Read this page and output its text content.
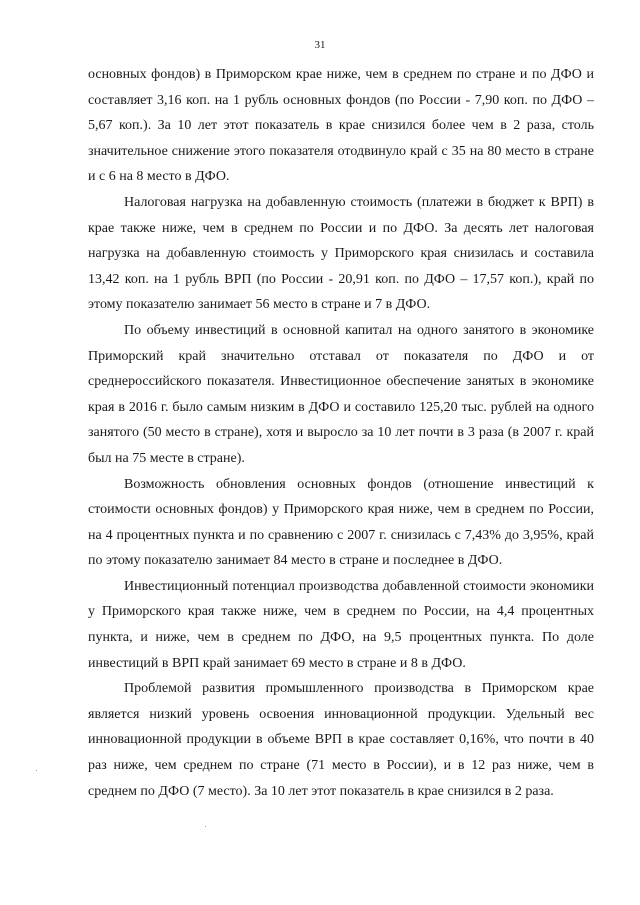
31

основных фондов) в Приморском крае ниже, чем в среднем по стране и по ДФО и составляет 3,16 коп. на 1 рубль основных фондов (по России - 7,90 коп. по ДФО – 5,67 коп.). За 10 лет этот показатель в крае снизился более чем в 2 раза, столь значительное снижение этого показателя отодвинуло край с 35 на 80 место в стране и с 6 на 8 место в ДФО.

Налоговая нагрузка на добавленную стоимость (платежи в бюджет к ВРП) в крае также ниже, чем в среднем по России и по ДФО. За десять лет налоговая нагрузка на добавленную стоимость у Приморского края снизилась и составила 13,42 коп. на 1 рубль ВРП (по России - 20,91 коп. по ДФО – 17,57 коп.), край по этому показателю занимает 56 место в стране и 7 в ДФО.

По объему инвестиций в основной капитал на одного занятого в экономике Приморский край значительно отставал от показателя по ДФО и от среднероссийского показателя. Инвестиционное обеспечение занятых в экономике края в 2016 г. было самым низким в ДФО и составило 125,20 тыс. рублей на одного занятого (50 место в стране), хотя и выросло за 10 лет почти в 3 раза (в 2007 г. край был на 75 месте в стране).

Возможность обновления основных фондов (отношение инвестиций к стоимости основных фондов) у Приморского края ниже, чем в среднем по России, на 4 процентных пункта и по сравнению с 2007 г. снизилась с 7,43% до 3,95%, край по этому показателю занимает 84 место в стране и последнее в ДФО.

Инвестиционный потенциал производства добавленной стоимости экономики у Приморского края также ниже, чем в среднем по России, на 4,4 процентных пункта, и ниже, чем в среднем по ДФО, на 9,5 процентных пункта. По доле инвестиций в ВРП край занимает 69 место в стране и 8 в ДФО.

Проблемой развития промышленного производства в Приморском крае является низкий уровень освоения инновационной продукции. Удельный вес инновационной продукции в объеме ВРП в крае составляет 0,16%, что почти в 40 раз ниже, чем среднем по стране (71 место в России), и в 12 раз ниже, чем в среднем по ДФО (7 место). За 10 лет этот показатель в крае снизился в 2 раза.
